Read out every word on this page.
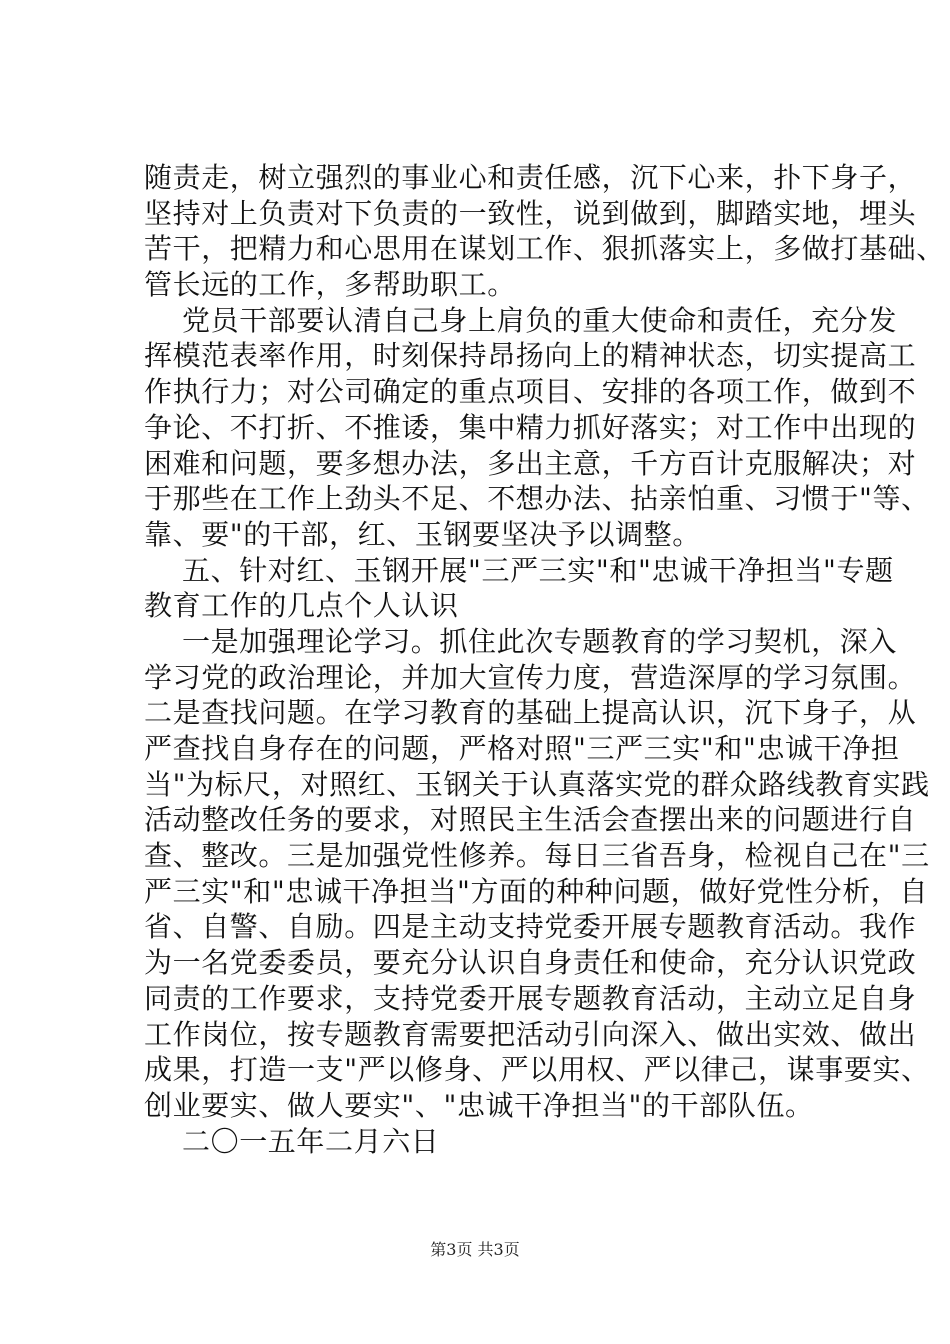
随责走，树立强烈的事业心和责任感，沉下心来，扑下身子，
坚持对上负责对下负责的一致性，说到做到，脚踏实地，埋头
苦干，把精力和心思用在谋划工作、狠抓落实上，多做打基础、
管长远的工作，多帮助职工。
党员干部要认清自己身上肩负的重大使命和责任，充分发
挥模范表率作用，时刻保持昂扬向上的精神状态，切实提高工
作执行力；对公司确定的重点项目、安排的各项工作，做到不
争论、不打折、不推诿，集中精力抓好落实；对工作中出现的
困难和问题，要多想办法，多出主意，千方百计克服解决；对
于那些在工作上劲头不足、不想办法、拈亲怕重、习惯于"等、
靠、要"的干部，红、玉钢要坚决予以调整。
五、针对红、玉钢开展"三严三实"和"忠诚干净担当"专题
教育工作的几点个人认识
一是加强理论学习。抓住此次专题教育的学习契机，深入
学习党的政治理论，并加大宣传力度，营造深厚的学习氛围。
二是查找问题。在学习教育的基础上提高认识，沉下身子，从
严查找自身存在的问题，严格对照"三严三实"和"忠诚干净担
当"为标尺，对照红、玉钢关于认真落实党的群众路线教育实践
活动整改任务的要求，对照民主生活会查摆出来的问题进行自
查、整改。三是加强党性修养。每日三省吾身，检视自己在"三
严三实"和"忠诚干净担当"方面的种种问题，做好党性分析，自
省、自警、自励。四是主动支持党委开展专题教育活动。我作
为一名党委委员，要充分认识自身责任和使命，充分认识党政
同责的工作要求，支持党委开展专题教育活动，主动立足自身
工作岗位，按专题教育需要把活动引向深入、做出实效、做出
成果，打造一支"严以修身、严以用权、严以律己，谋事要实、
创业要实、做人要实"、"忠诚干净担当"的干部队伍。
二〇一五年二月六日
第3页 共3页
